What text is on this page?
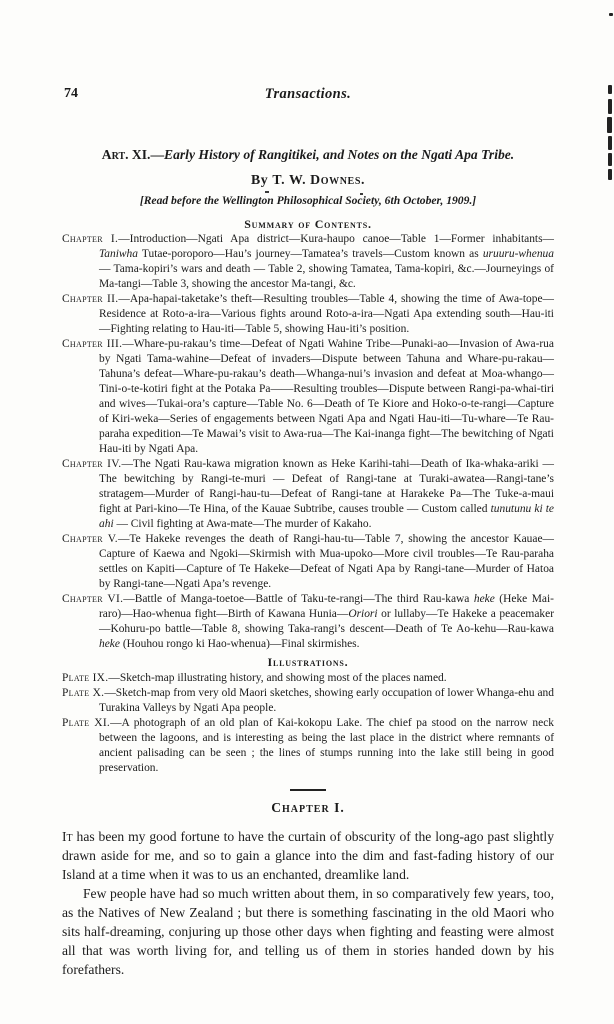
74	Transactions.
Art. XI.—Early History of Rangitikei, and Notes on the Ngati Apa Tribe.
By T. W. Downes.
[Read before the Wellington Philosophical Society, 6th October, 1909.]
Summary of Contents.
Chapter I.—Introduction—Ngati Apa district—Kura-haupo canoe—Table 1—Former inhabitants—Taniwha Tutae-poroporo—Hau’s journey—Tamatea’s travels—Custom known as uruuru-whenua — Tama-kopiri’s wars and death — Table 2, showing Tamatea, Tama-kopiri, &c.—Journeyings of Ma-tangi—Table 3, showing the ancestor Ma-tangi, &c.
Chapter II.—Apa-hapai-taketake’s theft—Resulting troubles—Table 4, showing the time of Awa-tope—Residence at Roto-a-ira—Various fights around Roto-a-ira—Ngati Apa extending south—Hau-iti—Fighting relating to Hau-iti—Table 5, showing Hau-iti’s position.
Chapter III.—Whare-pu-rakau’s time—Defeat of Ngati Wahine Tribe—Punaki-ao—Invasion of Awa-rua by Ngati Tama-wahine—Defeat of invaders—Dispute between Tahuna and Whare-pu-rakau—Tahuna’s defeat—Whare-pu-rakau’s death—Whanga-nui’s invasion and defeat at Moa-whango—Tini-o-te-kotiri fight at the Potaka Pa——Resulting troubles—Dispute between Rangi-pa-whai-tiri and wives—Tukai-ora’s capture—Table No. 6—Death of Te Kiore and Hoko-o-te-rangi—Capture of Kiri-weka—Series of engagements between Ngati Apa and Ngati Hau-iti—Tu-whare—Te Rau-paraha expedition—Te Mawai’s visit to Awa-rua—The Kai-inanga fight—The bewitching of Ngati Hau-iti by Ngati Apa.
Chapter IV.—The Ngati Rau-kawa migration known as Heke Karihi-tahi—Death of Ika-whaka-ariki — The bewitching by Rangi-te-muri — Defeat of Rangi-tane at Turaki-awatea—Rangi-tane’s stratagem—Murder of Rangi-hau-tu—Defeat of Rangi-tane at Harakeke Pa—The Tuke-a-maui fight at Pari-kino—Te Hina, of the Kauae Subtribe, causes trouble — Custom called tunutunu ki te ahi — Civil fighting at Awa-mate—The murder of Kakaho.
Chapter V.—Te Hakeke revenges the death of Rangi-hau-tu—Table 7, showing the ancestor Kauae—Capture of Kaewa and Ngoki—Skirmish with Mua-upoko—More civil troubles—Te Rau-paraha settles on Kapiti—Capture of Te Hakeke—Defeat of Ngati Apa by Rangi-tane—Murder of Hatoa by Rangi-tane—Ngati Apa’s revenge.
Chapter VI.—Battle of Manga-toetoe—Battle of Taku-te-rangi—The third Rau-kawa heke (Heke Mai-raro)—Hao-whenua fight—Birth of Kawana Hunia—Oriori or lullaby—Te Hakeke a peacemaker—Kohuru-po battle—Table 8, showing Taka-rangi’s descent—Death of Te Ao-kehu—Rau-kawa heke (Houhou rongo ki Hao-whenua)—Final skirmishes.
Illustrations.
Plate IX.—Sketch-map illustrating history, and showing most of the places named.
Plate X.—Sketch-map from very old Maori sketches, showing early occupation of lower Whanga-ehu and Turakina Valleys by Ngati Apa people.
Plate XI.—A photograph of an old plan of Kai-kokopu Lake. The chief pa stood on the narrow neck between the lagoons, and is interesting as being the last place in the district where remnants of ancient palisading can be seen ; the lines of stumps running into the lake still being in good preservation.
Chapter I.
It has been my good fortune to have the curtain of obscurity of the long-ago past slightly drawn aside for me, and so to gain a glance into the dim and fast-fading history of our Island at a time when it was to us an enchanted, dreamlike land.
Few people have had so much written about them, in so comparatively few years, too, as the Natives of New Zealand ; but there is something fascinating in the old Maori who sits half-dreaming, conjuring up those other days when fighting and feasting were almost all that was worth living for, and telling us of them in stories handed down by his forefathers.
